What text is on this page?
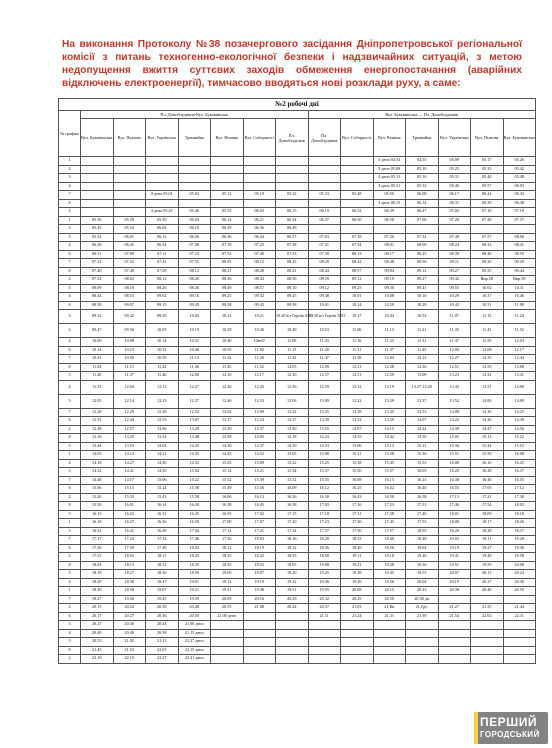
На виконання Протоколу №38 позачергового засідання Дніпропетровської регіональної комісії з питань техногенно-екологічної безпеки і надзвичайних ситуацій, з метою недопущення вжиття суттєвих заходів обмеження енергопостачання (аварійних відключень електроенергії), тимчасово вводяться нові розклади руху, а саме:
№2 робочі дні														
№ графіка	Пл. Домоблудінків-Вул. Буковинська							Вул. Буковинська — Пл. Домоблудінків						
	Вул. Буковинська	Вул. Пьятова	Вул. Українська	Трамвайна	Вул. Вічніна	Вул. Соборності	Пл. Домоблудінків	Пл. Домоблудінків	Вул. Соборності	Вул. Вічніна	Трамвайна	Вул. Українська	Вул. Пьятова	Вул. Буковинська
1										З депо 04.54	04.55	05.09	05.17	05.26
2										З депо 05.09	05.10	05.25	05.33	05.42
3										З депо 05.13	05.16	05.31	05.40	05.48
4										З депо 05.31	05.32	05.46	05.57	06.03
7			З депо 05.01	05.02	05.12	05.19	05.32	05.33	05.48	05.50	06.08	06.17	06.24	06.33
8										З депо 06.15	06.14	06.31	06.39	06.48
2			З депо 05.45	05.46	05.55	06.02	06.15	06.19	06.32	06.39	06.47	07.02	07.10	07.19
1	05.36	05.39	05.50	06.04	06.14	06.21	06.34	06.37	06.50	06.58	07.06	07.20	07.28	07.37
3	05.45	05.54	06.04	06.19	06.29	06.36	06.49							
5	05.52	06.01	06.12	06.26	06.36	06.44	06.57	07.03	07.18	07.26	07.34	07.49	07.57	08.06
4	06.36	06.45	06.54	07.08	07.18	07.25	07.38	07.41	07.54	08.01	08.09	08.24	08.32	08.41
6	06.51	07.00	07.11	07.23	07.33	07.40	07.53	07.58	08.13	08.17	08.25	08.39	08.46	08.55
7	07.23	07.32	07.41	07.55	08.05	08.12	08.25	08.29	08.42	08.48	08.56	09.11	09.20	09.29
8	07.40	07.49	07.58	08.12	08.21	08.28	08.41	08.44	08.57	09.04	09.12	09.27	09.35	09.44
2	07.54	08.03	08.12	08.26	08.36	08.43	08.56	08.59	09.12	09.19	09.27	09.42	Вир.50	Вир.59
5	08.09	08.18	08.26	08.40	08.49	08.57	09.10	09.12	09.25	09.30	09.41	09.55	10.02	10.11
4	08.44	08.53	09.02	09.16	09.25	09.32	09.45	09.48	10.01	10.08	10.16	10.29	10.37	10.46
6	08.58	09.07	09.15	09.29	09.38	09.45	09.58	10.01	10.14	10.20	10.28	10.43	10.51	11.00
3	09.32	09.42	09.50	10.04	10.14	10.21	10.28 в/з Героїв АТО	10.30 в/з Героїв АТО	10.37	10.44	10.52	11.07	11.15	11.24
2	09.47	09.56	10.05	10.19	10.29	10.36	10.49	10.53	11.06	11.13	11.21	11.35	11.43	11.52
4	10.00	10.08	10.14	10.31	10.40	10ю47	11.00	11.03	11.16	11.23	11.31	11.47	11.55	12.03
6	10.14	10.23	10.32	10.46	10.55	11.02	11.15	11.20	11.31	11.37	11.45	12.00	12.08	12.17
7	10.41	10.50	10.59	11.13	11.22	11.29	11.42	11.47	11.58	12.04	12.12	12.27	12.35	12.44
8	11.04	11.13	11.22	11.36	11.45	11.52	12.05	12.09	12.21	12.28	12.36	12.51	12.59	13.08
5	11.28	11.37	11.46	12.00	12.10	12.17	12.30	12.37	12.51	12.59	13.08	13.23	13.32	13.41
4	11.53	12.04	12.13	12.27	12.36	12.43	12.56	12.59	13.12	13.19	13.27 13.28	13.43	13.51	14.00
3	12.05	12.14	12.23	12.37	12.46	12.53	13.06	13.09	13.22	13.29	13.37	13.52	14.00	14.09
7	12.20	12.29	12.38	12.52	13.02	13.09	13.22	13.25	13.38	13.45	13.53	14.08	14.16	14.25
6	12.33	12.44	12.53	13.07	13.17	13.24	13.37	13.39	13.52	13.59	14.07	14.22	14.30	14.39
2	12.48	12.57	13.06	13.20	13.30	13.37	13.50	13.55	14.07	14.15	14.24	14.39	14.47	14.56
8	13.16	13.25	13.34	13.48	13.58	14.05	14.18	14.23	14.35	14.42	14.50	15.05	15.13	15.22
5	13.44	13.53	14.04	14.20	14.30	14.37	14.50	14.53	15.06	15.13	15.21	15.36	15.44	15.53
1	14.03	14.12	14.21	14.35	14.45	14.52	15.05	15.08	15.21	15.28	15.36	15.51	15.59	16.08
4	14.18	14.27	14.36	14.52	15.02	15.09	15.22	15.25	15.38	15.45	15.53	16.08	16.16	16.25
3	14.32	14.41	14.50	15.04	15.14	15.21	15.34	15.37	15.50	15.57	16.05	16.20	16.28	16.37
7	14.48	14.57	15.06	15.22	15.32	15.39	15.52	15.55	16.08	16.15	16.23	16.38	16.46	16.55
6	15.06	15.15	15.24	15.38	15.49	15.56	16.09	16.12	16.25	16.32	16.40	16.55	17.03	17.12
2	15.26	15.35	15.43	15.58	16.06	16.13	16.26	16.30	16.43	16.50	16.58	17.13	17.21	17.30
8	15.50	16.01	16.14	16.28	16.38	16.45	16.58	17.03	17.16	17.23	17.31	17.46	17.54	18.03
5	16.13	16.22	16.31	16.45	16.55	17.02	17.15	17.18	17.31	17.38	17.46	18.01	18.09	18.18
1	16.18	16.27	16.36	16.50	17.00	17.07	17.20	17.23	17.36	17.45	17.53	18.08	18.17	18.26
3	16.32	16.41	16.49	17.04	17.14	17.21	17.34	17.37	17.50	17.57	18.05	18.20	18.28	18.37
7	17.17	17.24	17.32	17.46	17.56	18.03	18.16	18.20	18.33	18.40	18.48	19.03	19.11	19.20
6	17.30	17.39	17.48	18.02	18.12	18.19	18.32	18.36	18.49	18.56	19.04	19.19	19.27	19.36
2	17.53	18.02	18.11	18.25	18.35	18.42	18.55	18.58	19.11	19.18	19.26	19.41	19.49	19.58
8	18.04	18.13	18.21	18.35	18.45	18.52	19.05	19.08	19.21	19.28	19.36	19.51	19.59	20.08
5	18.18	18.27	18.36	18.50	19.00	19.07	19.20	19.25	19.38	19.45	19.53	20.07	20.15	20.24
4	18.29	18.38	18.47	19.01	19.12	19.19	19.32	19.36	19.49	19.56	20.04	20.19	20.27	20.36
1	18.49	18.58	19.07	19.21	19.31	19.38	19.51	19.55	20.08	20.15	20.23	20.38	20.46	20.55
7	19.27	19.36	19.45	19.59	20.09	20.16	20.29	20.32	20.45	20.50	20.58 дп			
2	20.15	20.24	20.38	20.48	20.55	21.08	20.44	20.57	21.03	21.Кв	21.Гру.	21.27	21.35	21.44
6	20.17	20.27	20.36	20.50	21.00 депо			21.11	21.24	21.31	21.39	21.54	22.02	22.11
3	20.27	20.36	20.44	21.00 депо										
4	20.40	20.49	20.58	21.13 депо										
5	20.53	21.02	21.11	21.27 депо										
8	21.43	21.52	22.01	22.15 депо										
2	22.10	22.19	22.27	22.41 депо										
ПЕРШИЙ
ГОРОДСЬКИЙ
